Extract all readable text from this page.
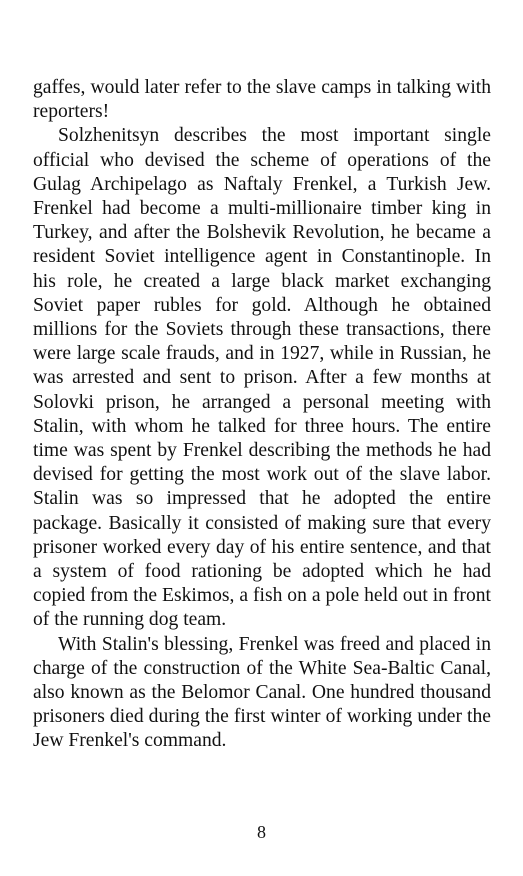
gaffes, would later refer to the slave camps in talking with reporters!

Solzhenitsyn describes the most important single official who devised the scheme of operations of the Gulag Archipelago as Naftaly Frenkel, a Turkish Jew. Frenkel had become a multi-millionaire timber king in Turkey, and after the Bolshevik Revolution, he became a resident Soviet intelligence agent in Constantinople. In his role, he created a large black market exchanging Soviet paper rubles for gold. Although he obtained millions for the Soviets through these transactions, there were large scale frauds, and in 1927, while in Russian, he was arrested and sent to prison. After a few months at Solovki prison, he arranged a personal meeting with Stalin, with whom he talked for three hours. The entire time was spent by Frenkel describing the methods he had devised for getting the most work out of the slave labor. Stalin was so impressed that he adopted the entire package. Basically it consisted of making sure that every prisoner worked every day of his entire sentence, and that a system of food rationing be adopted which he had copied from the Eskimos, a fish on a pole held out in front of the running dog team.

With Stalin's blessing, Frenkel was freed and placed in charge of the construction of the White Sea-Baltic Canal, also known as the Belomor Canal. One hundred thousand prisoners died during the first winter of working under the Jew Frenkel's command.

8
